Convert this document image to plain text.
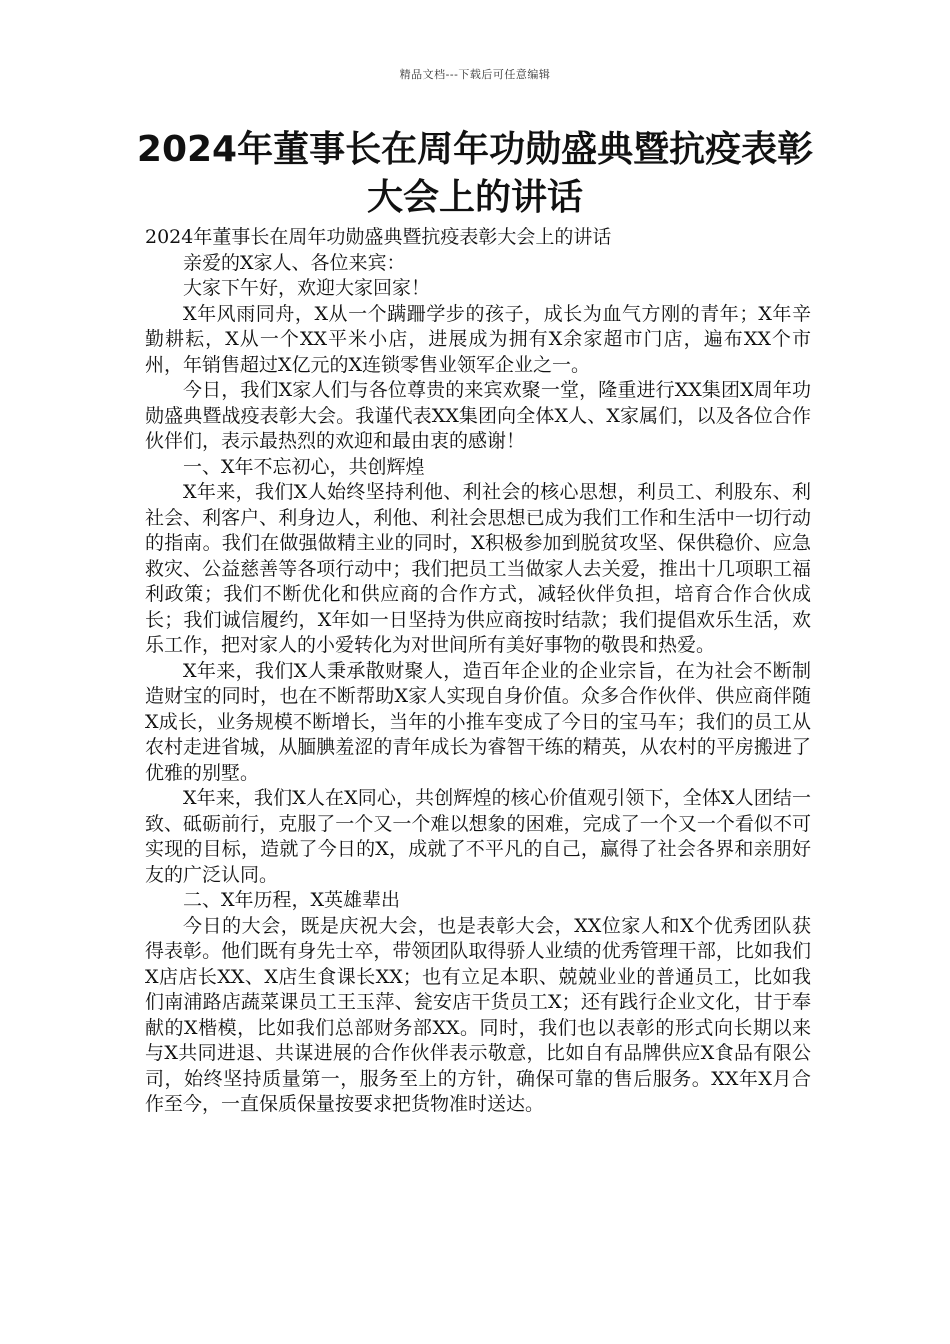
精品文档---下载后可任意编辑
2024年董事长在周年功勋盛典暨抗疫表彰大会上的讲话

2024年董事长在周年功勋盛典暨抗疫表彰大会上的讲话

亲爱的X家人、各位来宾：

大家下午好，欢迎大家回家！

X年风雨同舟，X从一个蹒跚学步的孩子，成长为血气方刚的青年；X年辛勤耕耘，X从一个XX平米小店，进展成为拥有X余家超市门店，遍布XX个市州，年销售超过X亿元的X连锁零售业领军企业之一。

今日，我们X家人们与各位尊贵的来宾欢聚一堂，隆重进行XX集团X周年功勋盛典暨战疫表彰大会。我谨代表XX集团向全体X人、X家属们，以及各位合作伙伴们，表示最热烈的欢迎和最由衷的感谢！

一、X年不忘初心，共创辉煌

X年来，我们X人始终坚持利他、利社会的核心思想，利员工、利股东、利社会、利客户、利身边人，利他、利社会思想已成为我们工作和生活中一切行动的指南。我们在做强做精主业的同时，X积极参加到脱贫攻坚、保供稳价、应急救灾、公益慈善等各项行动中；我们把员工当做家人去关爱，推出十几项职工福利政策；我们不断优化和供应商的合作方式，减轻伙伴负担，培育合作合伙成长；我们诚信履约，X年如一日坚持为供应商按时结款；我们提倡欢乐生活，欢乐工作，把对家人的小爱转化为对世间所有美好事物的敬畏和热爱。

X年来，我们X人秉承散财聚人，造百年企业的企业宗旨，在为社会不断制造财宝的同时，也在不断帮助X家人实现自身价值。众多合作伙伴、供应商伴随X成长，业务规模不断增长，当年的小推车变成了今日的宝马车；我们的员工从农村走进省城，从腼腆羞涩的青年成长为睿智干练的精英，从农村的平房搬进了优雅的别墅。

X年来，我们X人在X同心，共创辉煌的核心价值观引领下，全体X人团结一致、砥砺前行，克服了一个又一个难以想象的困难，完成了一个又一个看似不可实现的目标，造就了今日的X，成就了不平凡的自己，赢得了社会各界和亲朋好友的广泛认同。

二、X年历程，X英雄辈出

今日的大会，既是庆祝大会，也是表彰大会，XX位家人和X个优秀团队获得表彰。他们既有身先士卒，带领团队取得骄人业绩的优秀管理干部，比如我们X店店长XX、X店生食课长XX；也有立足本职、兢兢业业的普通员工，比如我们南浦路店蔬菜课员工王玉萍、瓮安店干货员工X；还有践行企业文化，甘于奉献的X楷模，比如我们总部财务部XX。同时，我们也以表彰的形式向长期以来与X共同进退、共谋进展的合作伙伴表示敬意，比如自有品牌供应X食品有限公司，始终坚持质量第一，服务至上的方针，确保可靠的售后服务。XX年X月合作至今，一直保质保量按要求把货物准时送达。
